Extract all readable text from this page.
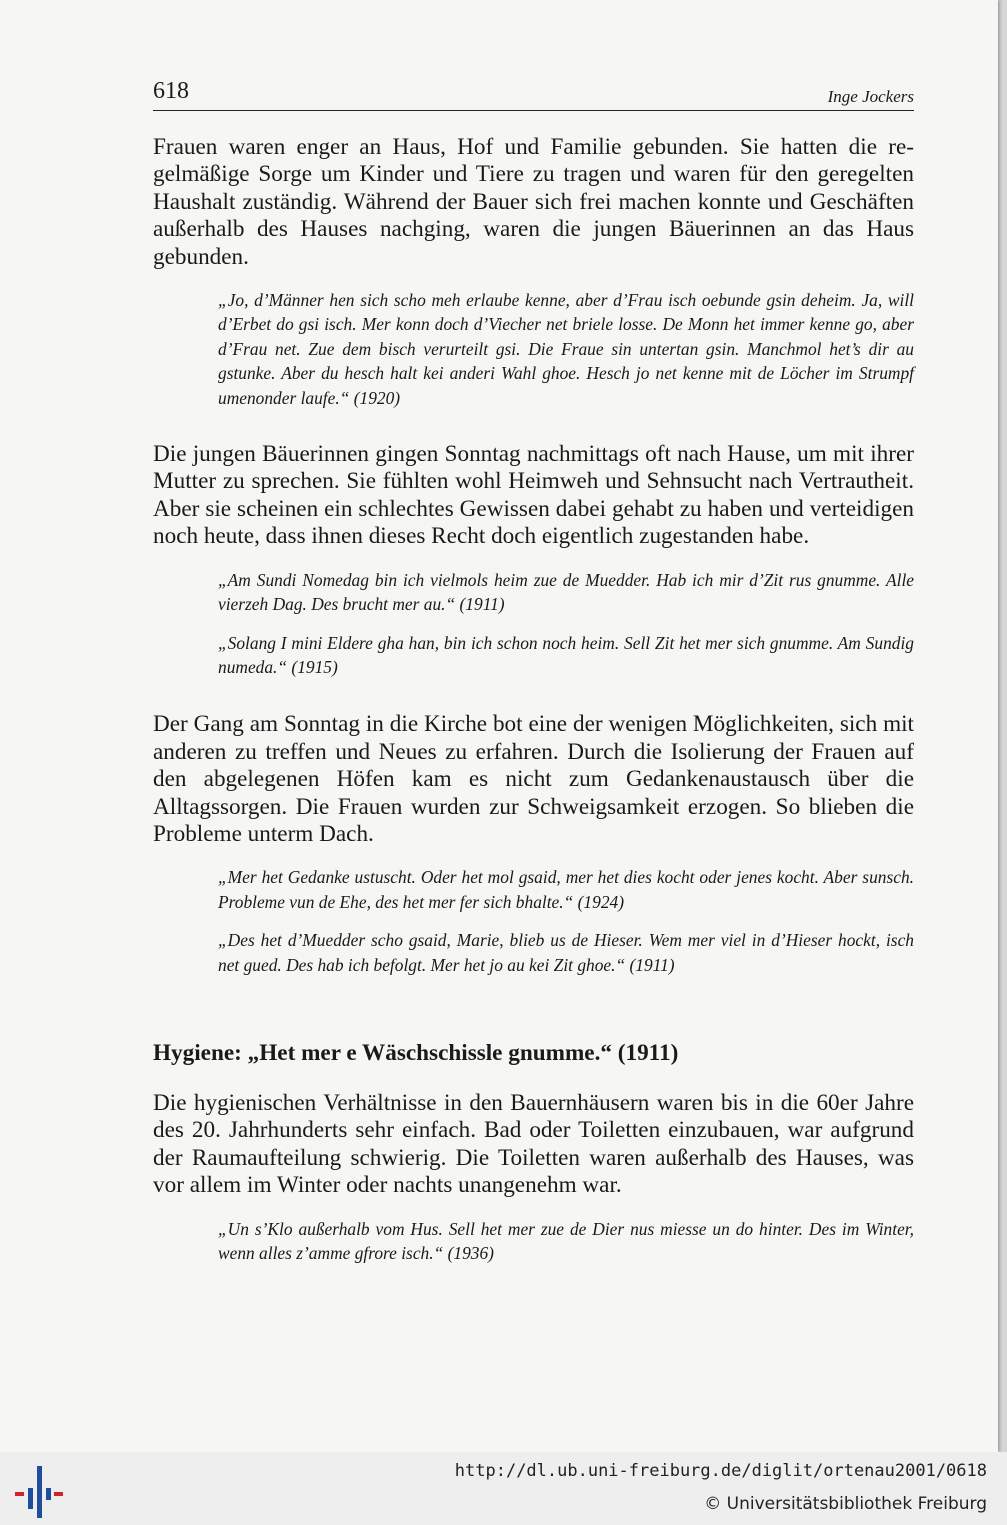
618	Inge Jockers

Frauen waren enger an Haus, Hof und Familie gebunden. Sie hatten die regelmäßige Sorge um Kinder und Tiere zu tragen und waren für den geregelten Haushalt zuständig. Während der Bauer sich frei machen konnte und Geschäften außerhalb des Hauses nachging, waren die jungen Bäuerinnen an das Haus gebunden.

„Jo, d’Männer hen sich scho meh erlaube kenne, aber d’Frau isch oebunde gsin deheim. Ja, will d’Erbet do gsi isch. Mer konn doch d’Viecher net briele losse. De Monn het immer kenne go, aber d’Frau net. Zue dem bisch verurteilt gsi. Die Fraue sin untertan gsin. Manchmol het’s dir au gstunke. Aber du hesch halt kei anderi Wahl ghoe. Hesch jo net kenne mit de Löcher im Strumpf umenonder laufe.“ (1920)

Die jungen Bäuerinnen gingen Sonntag nachmittags oft nach Hause, um mit ihrer Mutter zu sprechen. Sie fühlten wohl Heimweh und Sehnsucht nach Vertrautheit. Aber sie scheinen ein schlechtes Gewissen dabei gehabt zu haben und verteidigen noch heute, dass ihnen dieses Recht doch eigentlich zugestanden habe.

„Am Sundi Nomedag bin ich vielmols heim zue de Muedder. Hab ich mir d’Zit rus gnumme. Alle vierzeh Dag. Des brucht mer au.“ (1911)

„Solang I mini Eldere gha han, bin ich schon noch heim. Sell Zit het mer sich gnumme. Am Sundig numeda.“ (1915)

Der Gang am Sonntag in die Kirche bot eine der wenigen Möglichkeiten, sich mit anderen zu treffen und Neues zu erfahren. Durch die Isolierung der Frauen auf den abgelegenen Höfen kam es nicht zum Gedankenaustausch über die Alltagssorgen. Die Frauen wurden zur Schweigsamkeit erzogen. So blieben die Probleme unterm Dach.

„Mer het Gedanke ustuscht. Oder het mol gsaid, mer het dies kocht oder jenes kocht. Aber sunsch. Probleme vun de Ehe, des het mer fer sich bhalte.“ (1924)

„Des het d’Muedder scho gsaid, Marie, blieb us de Hieser. Wem mer viel in d’Hieser hockt, isch net gued. Des hab ich befolgt. Mer het jo au kei Zit ghoe.“ (1911)

Hygiene: „Het mer e Wäschschissle gnumme.“ (1911)

Die hygienischen Verhältnisse in den Bauernhäusern waren bis in die 60er Jahre des 20. Jahrhunderts sehr einfach. Bad oder Toiletten einzubauen, war aufgrund der Raumaufteilung schwierig. Die Toiletten waren außerhalb des Hauses, was vor allem im Winter oder nachts unangenehm war.

„Un s’Klo außerhalb vom Hus. Sell het mer zue de Dier nus miesse un do hinter. Des im Winter, wenn alles z’amme gfrore isch.“ (1936)

http://dl.ub.uni-freiburg.de/diglit/ortenau2001/0618
© Universitätsbibliothek Freiburg
